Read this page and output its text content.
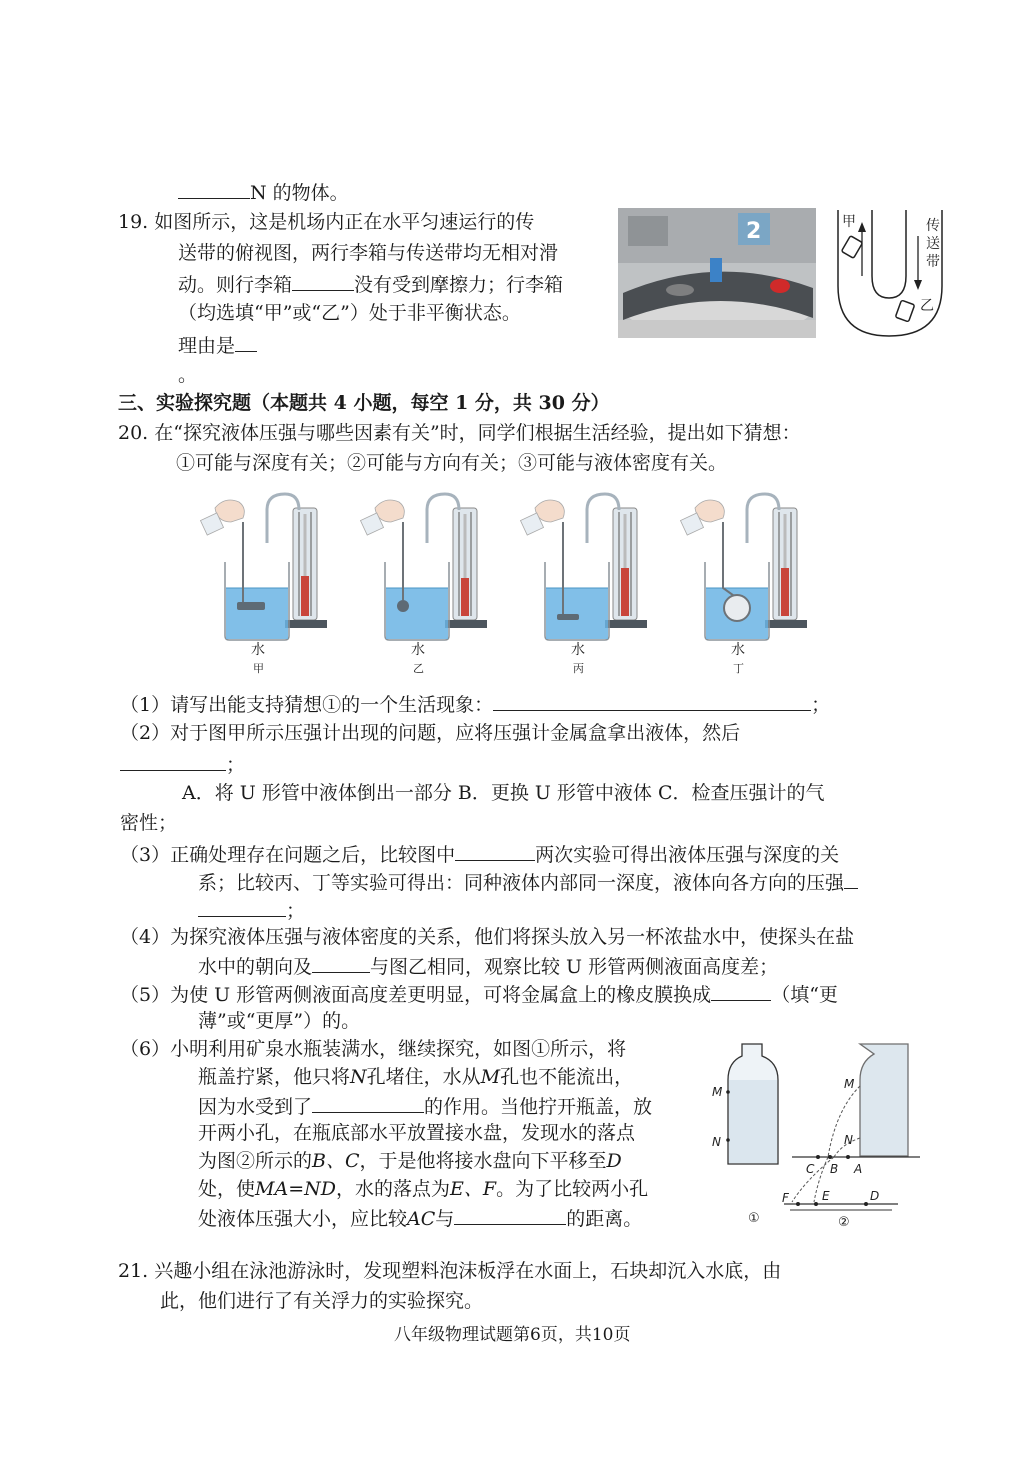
N 的物体。
19. 如图所示，这是机场内正在水平匀速运行的传
送带的俯视图，两行李箱与传送带均无相对滑
动。则行李箱	没有受到摩擦力；行李箱
（均选填“甲”或“乙”）处于非平衡状态。
理由是
。
2	甲	传
送
带
乙
三、实验探究题（本题共 4 小题，每空 1 分，共 30 分）
20. 在“探究液体压强与哪些因素有关”时，同学们根据生活经验，提出如下猜想：
①可能与深度有关；②可能与方向有关；③可能与液体密度有关。
水
甲
水
乙
水
丙
水
丁
（1）请写出能支持猜想①的一个生活现象：	；
（2）对于图甲所示压强计出现的问题，应将压强计金属盒拿出液体，然后
；
A．将 U 形管中液体倒出一部分 B．更换 U 形管中液体 C．检查压强计的气
密性；
（3）正确处理存在问题之后，比较图中	两次实验可得出液体压强与深度的关
系；比较丙、丁等实验可得出：同种液体内部同一深度，液体向各方向的压强
；
（4）为探究液体压强与液体密度的关系，他们将探头放入另一杯浓盐水中，使探头在盐
水中的朝向及	与图乙相同，观察比较 U 形管两侧液面高度差；
（5）为使 U 形管两侧液面高度差更明显，可将金属盒上的橡皮膜换成	（填“更
薄”或“更厚”）的。
（6）小明利用矿泉水瓶装满水，继续探究，如图①所示，将
瓶盖拧紧，他只将N孔堵住，水从M孔也不能流出，
因为水受到了	的作用。当他拧开瓶盖，放
开两小孔，在瓶底部水平放置接水盘，发现水的落点
为图②所示的B、C，于是他将接水盘向下平移至D
处，使MA=ND，水的落点为E、F。为了比较两小孔
处液体压强大小，应比较AC与	的距离。
M
N
①
M
N
C B A
F	E	D
②
21. 兴趣小组在泳池游泳时，发现塑料泡沫板浮在水面上，石块却沉入水底，由
此，他们进行了有关浮力的实验探究。
八年级物理试题第6页，共10页
